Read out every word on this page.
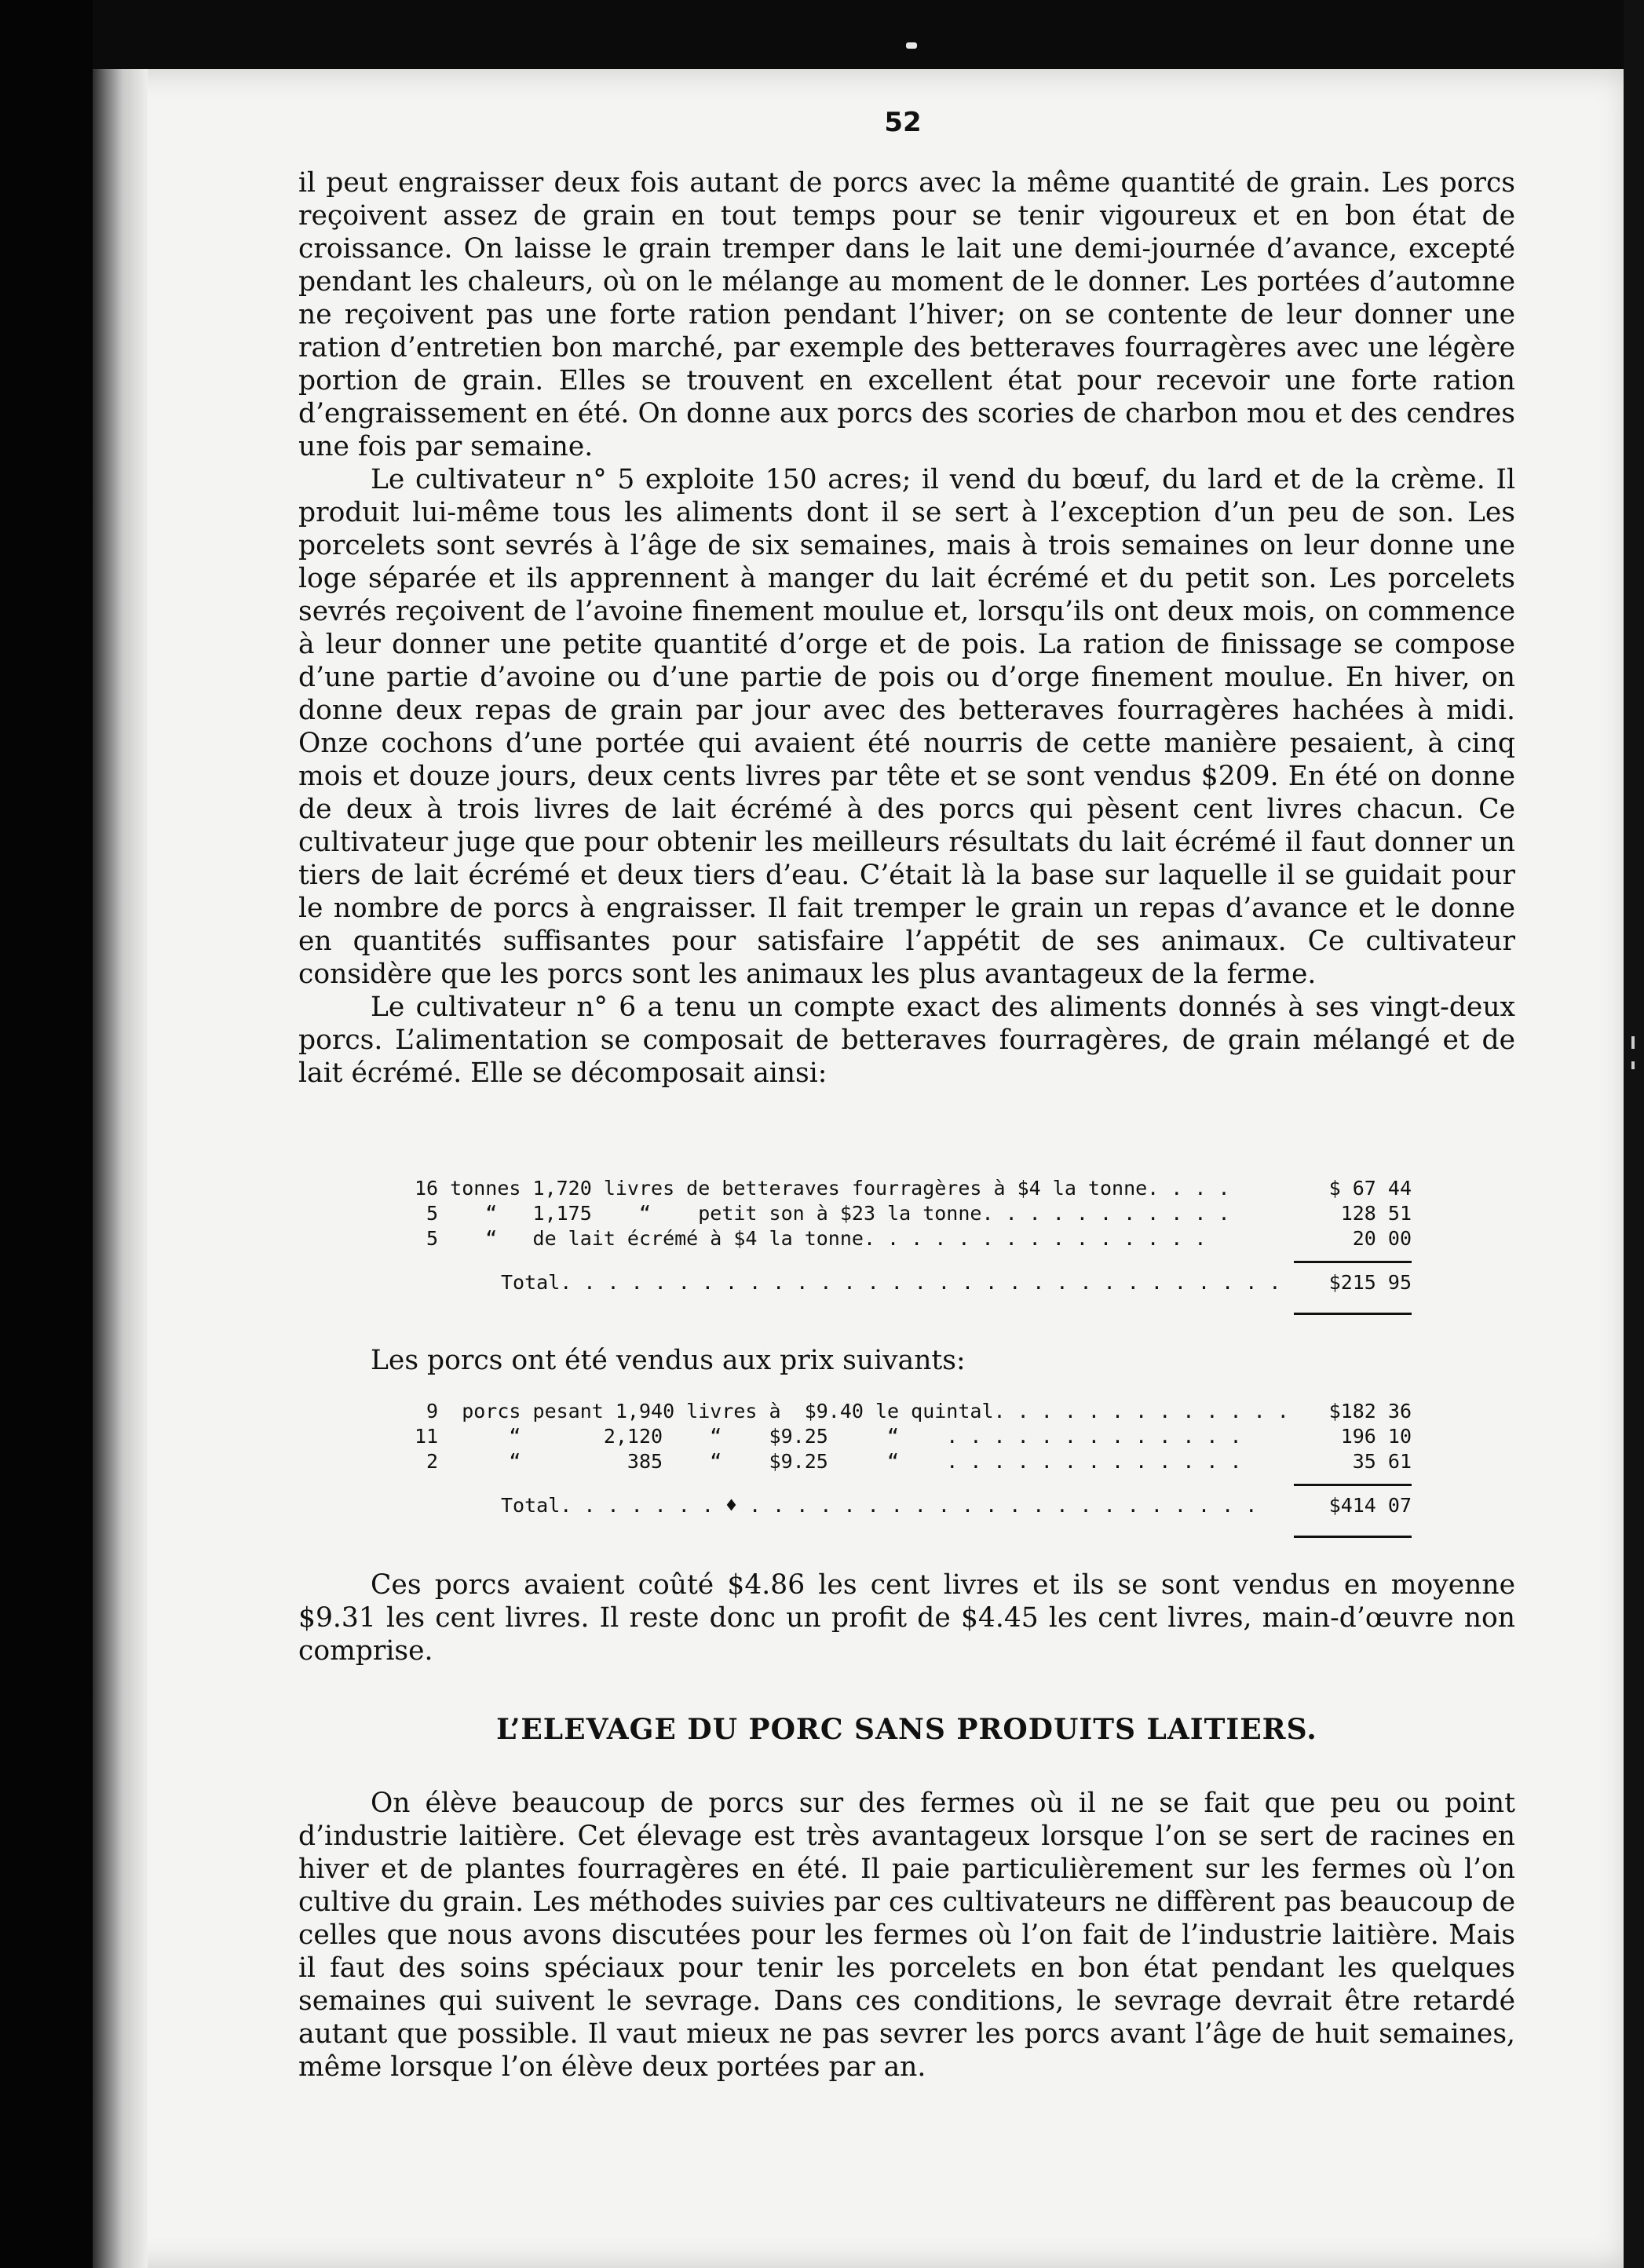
52

il peut engraisser deux fois autant de porcs avec la même quantité de grain. Les porcs reçoivent assez de grain en tout temps pour se tenir vigoureux et en bon état de croissance. On laisse le grain tremper dans le lait une demi-journée d’avance, excepté pendant les chaleurs, où on le mélange au moment de le donner. Les portées d’automne ne reçoivent pas une forte ration pendant l’hiver; on se contente de leur donner une ration d’entretien bon marché, par exemple des betteraves fourragères avec une légère portion de grain. Elles se trouvent en excellent état pour recevoir une forte ration d’engraissement en été. On donne aux porcs des scories de charbon mou et des cendres une fois par semaine.

Le cultivateur n° 5 exploite 150 acres; il vend du bœuf, du lard et de la crème. Il produit lui-même tous les aliments dont il se sert à l’exception d’un peu de son. Les porcelets sont sevrés à l’âge de six semaines, mais à trois semaines on leur donne une loge séparée et ils apprennent à manger du lait écrémé et du petit son. Les porcelets sevrés reçoivent de l’avoine finement moulue et, lorsqu’ils ont deux mois, on commence à leur donner une petite quantité d’orge et de pois. La ration de finissage se compose d’une partie d’avoine ou d’une partie de pois ou d’orge finement moulue. En hiver, on donne deux repas de grain par jour avec des betteraves fourragères hachées à midi. Onze cochons d’une portée qui avaient été nourris de cette manière pesaient, à cinq mois et douze jours, deux cents livres par tête et se sont vendus $209. En été on donne de deux à trois livres de lait écrémé à des porcs qui pèsent cent livres chacun. Ce cultivateur juge que pour obtenir les meilleurs résultats du lait écrémé il faut donner un tiers de lait écrémé et deux tiers d’eau. C’était là la base sur laquelle il se guidait pour le nombre de porcs à engraisser. Il fait tremper le grain un repas d’avance et le donne en quantités suffisantes pour satisfaire l’appétit de ses animaux. Ce cultivateur considère que les porcs sont les animaux les plus avantageux de la ferme.

Le cultivateur n° 6 a tenu un compte exact des aliments donnés à ses vingt-deux porcs. L’alimentation se composait de betteraves fourragères, de grain mélangé et de lait écrémé. Elle se décomposait ainsi:

16 tonnes 1,720 livres de betteraves fourragères à $4 la tonne. . . .

	$ 67 44

5    “   1,175    “    petit son à $23 la tonne. . . . . . . . . . .

	128 51

5    “   de lait écrémé à $4 la tonne. . . . . . . . . . . . . . .

	20 00

Total. . . . . . . . . . . . . . . . . . . . . . . . . . . . . . .

	$215 95

Les porcs ont été vendus aux prix suivants:

9  porcs pesant 1,940 livres à  $9.40 le quintal. . . . . . . . . . . . .

	$182 36

11      “       2,120    “    $9.25     “    . . . . . . . . . . . . .

	196 10

2      “         385    “    $9.25     “    . . . . . . . . . . . . .

	35 61

Total. . . . . . . ♦ . . . . . . . . . . . . . . . . . . . . . .

	$414 07

Ces porcs avaient coûté $4.86 les cent livres et ils se sont vendus en moyenne $9.31 les cent livres. Il reste donc un profit de $4.45 les cent livres, main-d’œuvre non comprise.

L’ELEVAGE DU PORC SANS PRODUITS LAITIERS.

On élève beaucoup de porcs sur des fermes où il ne se fait que peu ou point d’industrie laitière. Cet élevage est très avantageux lorsque l’on se sert de racines en hiver et de plantes fourragères en été. Il paie particulièrement sur les fermes où l’on cultive du grain. Les méthodes suivies par ces cultivateurs ne diffèrent pas beaucoup de celles que nous avons discutées pour les fermes où l’on fait de l’industrie laitière. Mais il faut des soins spéciaux pour tenir les porcelets en bon état pendant les quelques semaines qui suivent le sevrage. Dans ces conditions, le sevrage devrait être retardé autant que possible. Il vaut mieux ne pas sevrer les porcs avant l’âge de huit semaines, même lorsque l’on élève deux portées par an.
